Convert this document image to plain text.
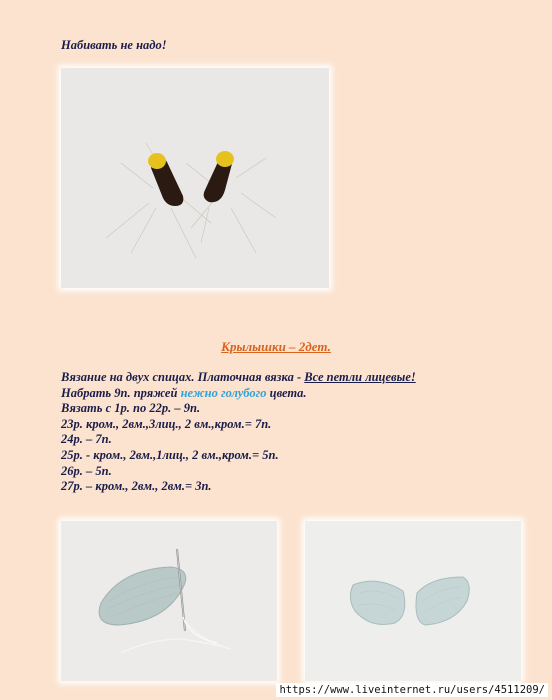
Набивать не надо!
Крылышки – 2дет.
Вязание на двух спицах. Платочная вязка - Все петли лицевые!
Набрать 9п. пряжей нежно голубого цвета.
Вязать с 1р. по 22р. – 9п.
23р. кром., 2вм.,3лиц., 2 вм.,кром.= 7п.
24р. – 7п.
25р. - кром., 2вм.,1лиц., 2 вм.,кром.= 5п.
26р. – 5п.
27р. – кром., 2вм., 2вм.= 3п.
https://www.liveinternet.ru/users/4511209/
